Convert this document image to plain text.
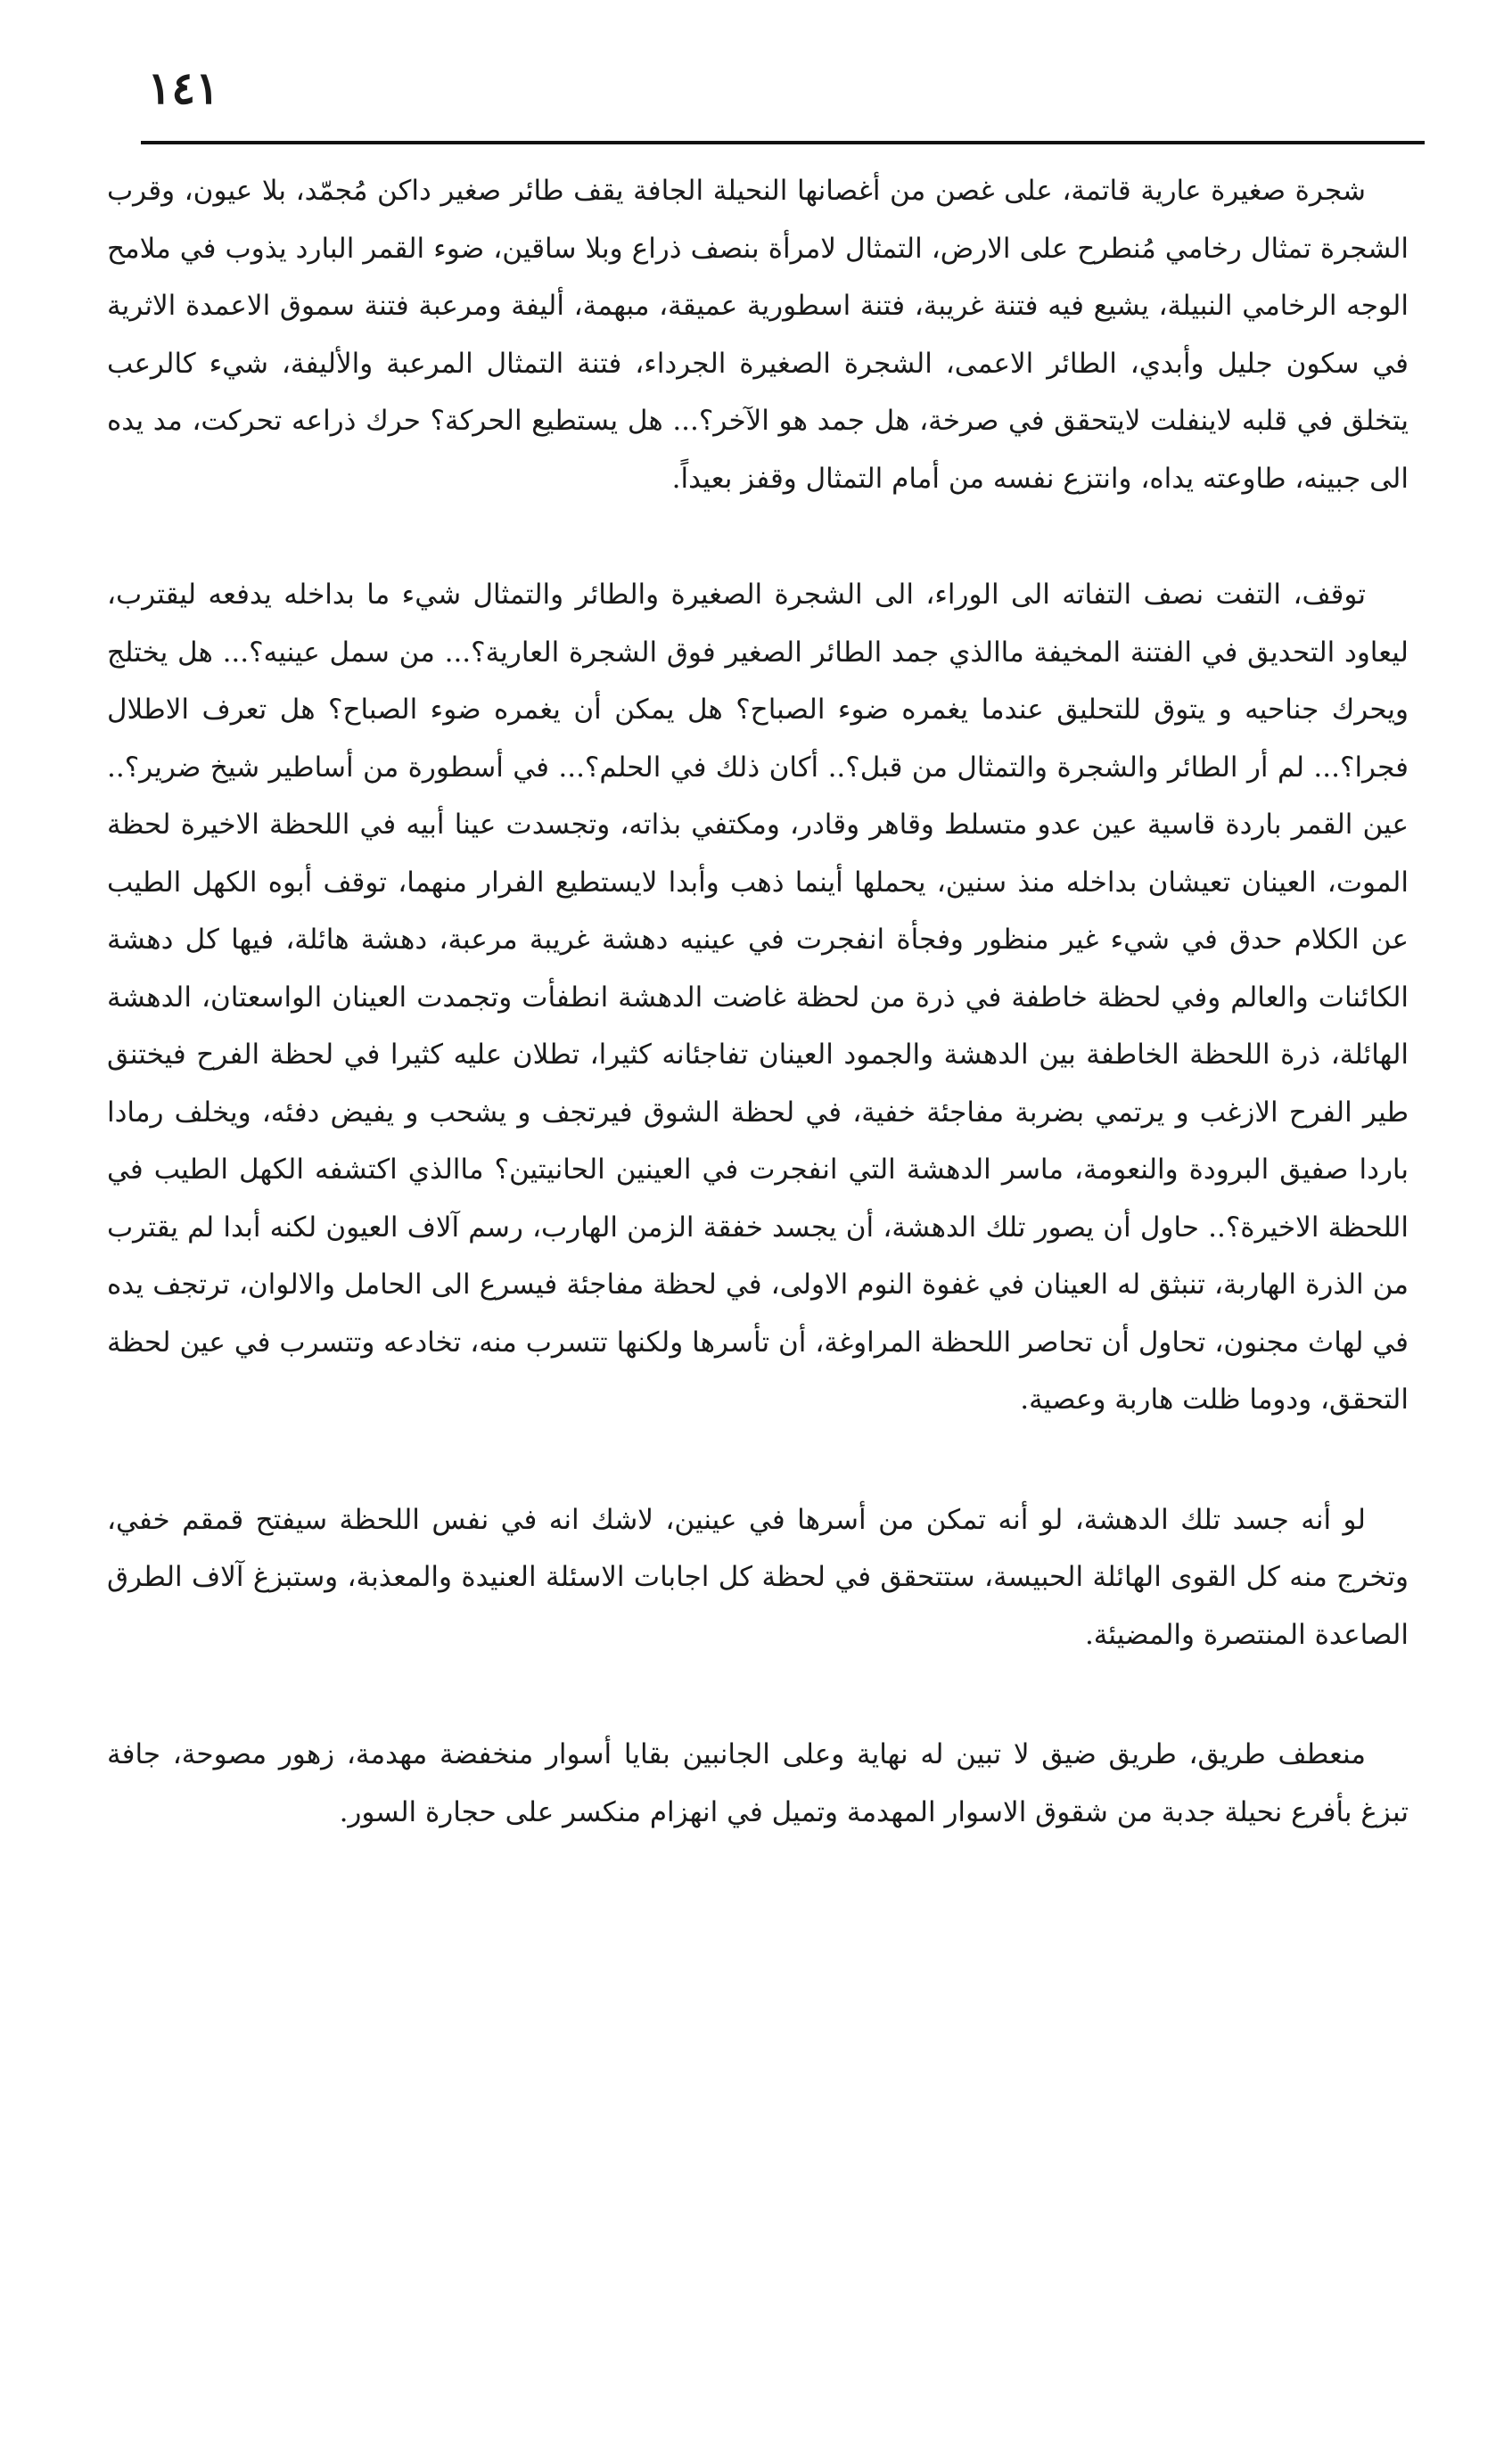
١٤١

شجرة صغيرة عارية قاتمة، على غصن من أغصانها النحيلة الجافة يقف طائر صغير داكن مُجمّد، بلا عيون، وقرب الشجرة تمثال رخامي مُنطرح على الارض، التمثال لامرأة بنصف ذراع وبلا ساقين، ضوء القمر البارد يذوب في ملامح الوجه الرخامي النبيلة، يشيع فيه فتنة غريبة، فتنة اسطورية عميقة، مبهمة، أليفة ومرعبة فتنة سموق الاعمدة الاثرية في سكون جليل وأبدي، الطائر الاعمى، الشجرة الصغيرة الجرداء، فتنة التمثال المرعبة والأليفة، شيء كالرعب يتخلق في قلبه لاينفلت لايتحقق في صرخة، هل جمد هو الآخر؟... هل يستطيع الحركة؟ حرك ذراعه تحركت، مد يده الى جبينه، طاوعته يداه، وانتزع نفسه من أمام التمثال وقفز بعيداً.

توقف، التفت نصف التفاته الى الوراء، الى الشجرة الصغيرة والطائر والتمثال شيء ما بداخله يدفعه ليقترب، ليعاود التحديق في الفتنة المخيفة ماالذي جمد الطائر الصغير فوق الشجرة العارية؟... من سمل عينيه؟... هل يختلج ويحرك جناحيه و يتوق للتحليق عندما يغمره ضوء الصباح؟ هل يمكن أن يغمره ضوء الصباح؟ هل تعرف الاطلال فجرا؟... لم أر الطائر والشجرة والتمثال من قبل؟.. أكان ذلك في الحلم؟... في أسطورة من أساطير شيخ ضرير؟.. عين القمر باردة قاسية عين عدو متسلط وقاهر وقادر، ومكتفي بذاته، وتجسدت عينا أبيه في اللحظة الاخيرة لحظة الموت، العينان تعيشان بداخله منذ سنين، يحملها أينما ذهب وأبدا لايستطيع الفرار منهما، توقف أبوه الكهل الطيب عن الكلام حدق في شيء غير منظور وفجأة انفجرت في عينيه دهشة غريبة مرعبة، دهشة هائلة، فيها كل دهشة الكائنات والعالم وفي لحظة خاطفة في ذرة من لحظة غاضت الدهشة انطفأت وتجمدت العينان الواسعتان، الدهشة الهائلة، ذرة اللحظة الخاطفة بين الدهشة والجمود العينان تفاجئانه كثيرا، تطلان عليه كثيرا في لحظة الفرح فيختنق طير الفرح الازغب و يرتمي بضربة مفاجئة خفية، في لحظة الشوق فيرتجف و يشحب و يفيض دفئه، ويخلف رمادا باردا صفيق البرودة والنعومة، ماسر الدهشة التي انفجرت في العينين الحانيتين؟ ماالذي اكتشفه الكهل الطيب في اللحظة الاخيرة؟.. حاول أن يصور تلك الدهشة، أن يجسد خفقة الزمن الهارب، رسم آلاف العيون لكنه أبدا لم يقترب من الذرة الهاربة، تنبثق له العينان في غفوة النوم الاولى، في لحظة مفاجئة فيسرع الى الحامل والالوان، ترتجف يده في لهاث مجنون، تحاول أن تحاصر اللحظة المراوغة، أن تأسرها ولكنها تتسرب منه، تخادعه وتتسرب في عين لحظة التحقق، ودوما ظلت هاربة وعصية.

لو أنه جسد تلك الدهشة، لو أنه تمكن من أسرها في عينين، لاشك انه في نفس اللحظة سيفتح قمقم خفي، وتخرج منه كل القوى الهائلة الحبيسة، ستتحقق في لحظة كل اجابات الاسئلة العنيدة والمعذبة، وستبزغ آلاف الطرق الصاعدة المنتصرة والمضيئة.

منعطف طريق، طريق ضيق لا تبين له نهاية وعلى الجانبين بقايا أسوار منخفضة مهدمة، زهور مصوحة، جافة تبزغ بأفرع نحيلة جدبة من شقوق الاسوار المهدمة وتميل في انهزام منكسر على حجارة السور.
